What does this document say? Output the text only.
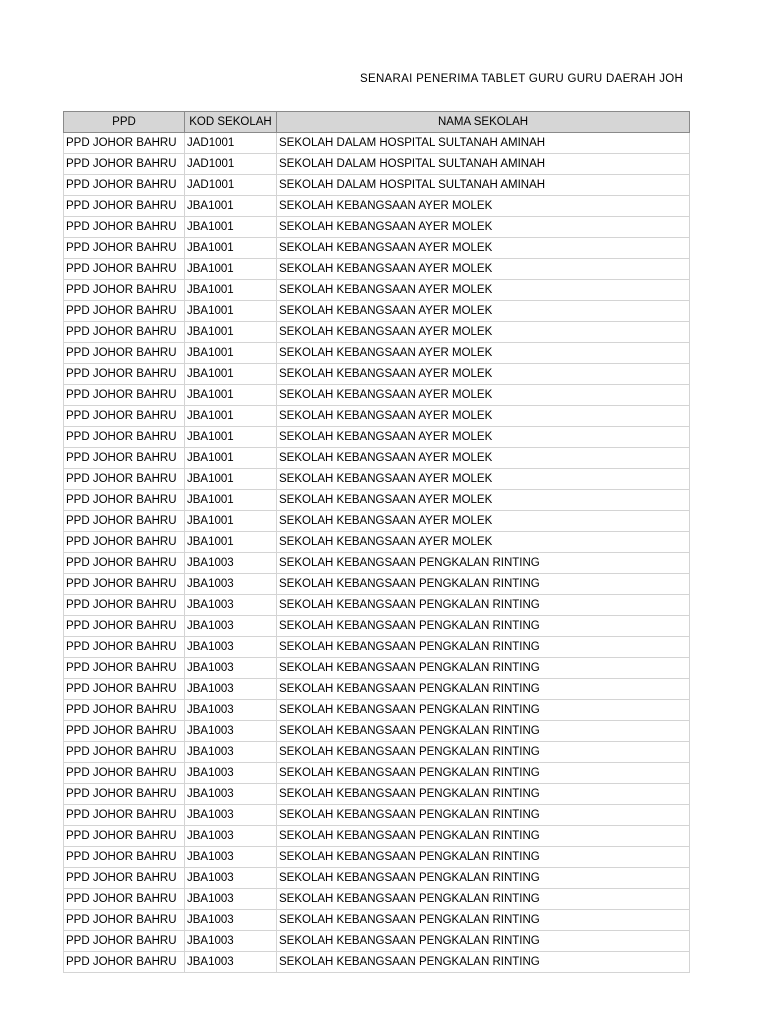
SENARAI PENERIMA TABLET GURU GURU DAERAH JOH
PPD	KOD SEKOLAH	NAMA SEKOLAH
PPD JOHOR BAHRU	JAD1001	SEKOLAH DALAM HOSPITAL SULTANAH AMINAH
PPD JOHOR BAHRU	JAD1001	SEKOLAH DALAM HOSPITAL SULTANAH AMINAH
PPD JOHOR BAHRU	JAD1001	SEKOLAH DALAM HOSPITAL SULTANAH AMINAH
PPD JOHOR BAHRU	JBA1001	SEKOLAH KEBANGSAAN AYER MOLEK
PPD JOHOR BAHRU	JBA1001	SEKOLAH KEBANGSAAN AYER MOLEK
PPD JOHOR BAHRU	JBA1001	SEKOLAH KEBANGSAAN AYER MOLEK
PPD JOHOR BAHRU	JBA1001	SEKOLAH KEBANGSAAN AYER MOLEK
PPD JOHOR BAHRU	JBA1001	SEKOLAH KEBANGSAAN AYER MOLEK
PPD JOHOR BAHRU	JBA1001	SEKOLAH KEBANGSAAN AYER MOLEK
PPD JOHOR BAHRU	JBA1001	SEKOLAH KEBANGSAAN AYER MOLEK
PPD JOHOR BAHRU	JBA1001	SEKOLAH KEBANGSAAN AYER MOLEK
PPD JOHOR BAHRU	JBA1001	SEKOLAH KEBANGSAAN AYER MOLEK
PPD JOHOR BAHRU	JBA1001	SEKOLAH KEBANGSAAN AYER MOLEK
PPD JOHOR BAHRU	JBA1001	SEKOLAH KEBANGSAAN AYER MOLEK
PPD JOHOR BAHRU	JBA1001	SEKOLAH KEBANGSAAN AYER MOLEK
PPD JOHOR BAHRU	JBA1001	SEKOLAH KEBANGSAAN AYER MOLEK
PPD JOHOR BAHRU	JBA1001	SEKOLAH KEBANGSAAN AYER MOLEK
PPD JOHOR BAHRU	JBA1001	SEKOLAH KEBANGSAAN AYER MOLEK
PPD JOHOR BAHRU	JBA1001	SEKOLAH KEBANGSAAN AYER MOLEK
PPD JOHOR BAHRU	JBA1001	SEKOLAH KEBANGSAAN AYER MOLEK
PPD JOHOR BAHRU	JBA1003	SEKOLAH KEBANGSAAN PENGKALAN RINTING
PPD JOHOR BAHRU	JBA1003	SEKOLAH KEBANGSAAN PENGKALAN RINTING
PPD JOHOR BAHRU	JBA1003	SEKOLAH KEBANGSAAN PENGKALAN RINTING
PPD JOHOR BAHRU	JBA1003	SEKOLAH KEBANGSAAN PENGKALAN RINTING
PPD JOHOR BAHRU	JBA1003	SEKOLAH KEBANGSAAN PENGKALAN RINTING
PPD JOHOR BAHRU	JBA1003	SEKOLAH KEBANGSAAN PENGKALAN RINTING
PPD JOHOR BAHRU	JBA1003	SEKOLAH KEBANGSAAN PENGKALAN RINTING
PPD JOHOR BAHRU	JBA1003	SEKOLAH KEBANGSAAN PENGKALAN RINTING
PPD JOHOR BAHRU	JBA1003	SEKOLAH KEBANGSAAN PENGKALAN RINTING
PPD JOHOR BAHRU	JBA1003	SEKOLAH KEBANGSAAN PENGKALAN RINTING
PPD JOHOR BAHRU	JBA1003	SEKOLAH KEBANGSAAN PENGKALAN RINTING
PPD JOHOR BAHRU	JBA1003	SEKOLAH KEBANGSAAN PENGKALAN RINTING
PPD JOHOR BAHRU	JBA1003	SEKOLAH KEBANGSAAN PENGKALAN RINTING
PPD JOHOR BAHRU	JBA1003	SEKOLAH KEBANGSAAN PENGKALAN RINTING
PPD JOHOR BAHRU	JBA1003	SEKOLAH KEBANGSAAN PENGKALAN RINTING
PPD JOHOR BAHRU	JBA1003	SEKOLAH KEBANGSAAN PENGKALAN RINTING
PPD JOHOR BAHRU	JBA1003	SEKOLAH KEBANGSAAN PENGKALAN RINTING
PPD JOHOR BAHRU	JBA1003	SEKOLAH KEBANGSAAN PENGKALAN RINTING
PPD JOHOR BAHRU	JBA1003	SEKOLAH KEBANGSAAN PENGKALAN RINTING
PPD JOHOR BAHRU	JBA1003	SEKOLAH KEBANGSAAN PENGKALAN RINTING
